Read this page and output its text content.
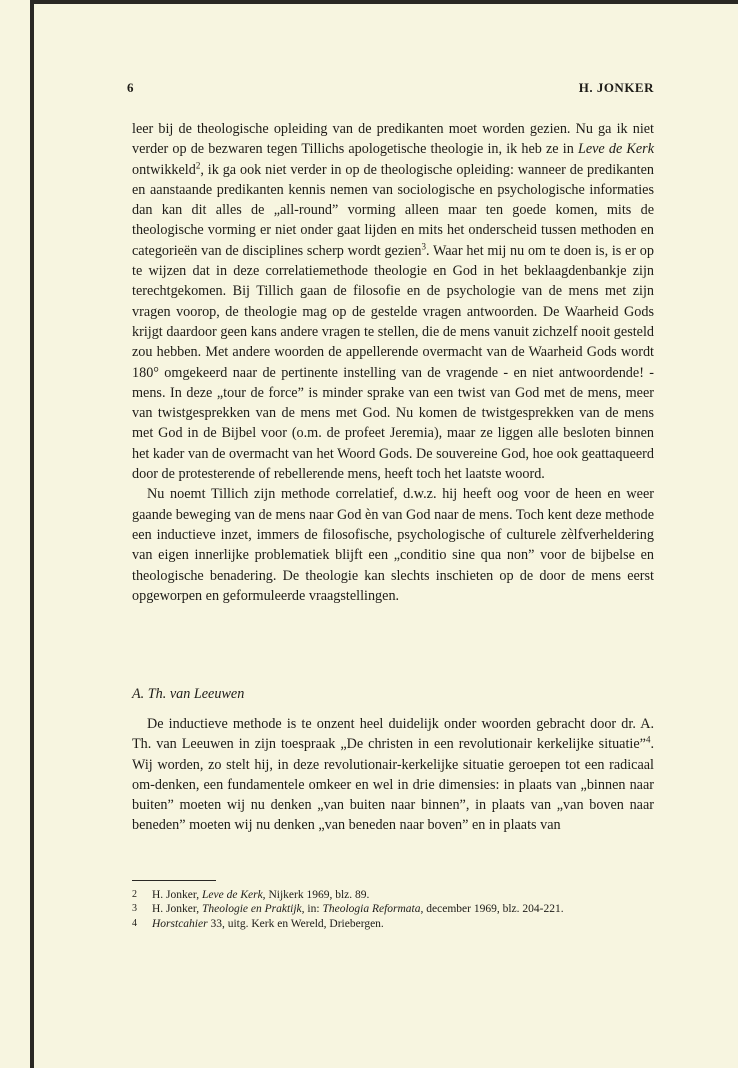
6	H. JONKER

leer bij de theologische opleiding van de predikanten moet worden gezien. Nu ga ik niet verder op de bezwaren tegen Tillichs apologetische theologie in, ik heb ze in Leve de Kerk ontwikkeld$^2$, ik ga ook niet verder in op de theologische opleiding: wanneer de predikanten en aanstaande predikanten kennis nemen van sociologische en psychologische informaties dan kan dit alles de „all-round” vorming alleen maar ten goede komen, mits de theologische vorming er niet onder gaat lijden en mits het onderscheid tussen methoden en categorieën van de disciplines scherp wordt gezien$^3$. Waar het mij nu om te doen is, is er op te wijzen dat in deze correlatiemethode theologie en God in het beklaagdenbankje zijn terechtgekomen. Bij Tillich gaan de filosofie en de psychologie van de mens met zijn vragen voorop, de theologie mag op de gestelde vragen antwoorden. De Waarheid Gods krijgt daardoor geen kans andere vragen te stellen, die de mens vanuit zichzelf nooit gesteld zou hebben. Met andere woorden de appellerende overmacht van de Waarheid Gods wordt 180° omgekeerd naar de pertinente instelling van de vragende - en niet antwoordende! - mens. In deze „tour de force” is minder sprake van een twist van God met de mens, meer van twistgesprekken van de mens met God. Nu komen de twistgesprekken van de mens met God in de Bijbel voor (o.m. de profeet Jeremia), maar ze liggen alle besloten binnen het kader van de overmacht van het Woord Gods. De souvereine God, hoe ook geattaqueerd door de protesterende of rebellerende mens, heeft toch het laatste woord.

Nu noemt Tillich zijn methode correlatief, d.w.z. hij heeft oog voor de heen en weer gaande beweging van de mens naar God èn van God naar de mens. Toch kent deze methode een inductieve inzet, immers de filosofische, psychologische of culturele zèlfverheldering van eigen innerlijke problematiek blijft een „conditio sine qua non” voor de bijbelse en theologische benadering. De theologie kan slechts inschieten op de door de mens eerst opgeworpen en geformuleerde vraagstellingen.

A. Th. van Leeuwen

De inductieve methode is te onzent heel duidelijk onder woorden gebracht door dr. A. Th. van Leeuwen in zijn toespraak „De christen in een revolutionair kerkelijke situatie”$^4$. Wij worden, zo stelt hij, in deze revolutionair-kerkelijke situatie geroepen tot een radicaal om-denken, een fundamentele omkeer en wel in drie dimensies: in plaats van „binnen naar buiten” moeten wij nu denken „van buiten naar binnen”, in plaats van „van boven naar beneden” moeten wij nu denken „van beneden naar boven” en in plaats van

2 H. Jonker, Leve de Kerk, Nijkerk 1969, blz. 89.
3 H. Jonker, Theologie en Praktijk, in: Theologia Reformata, december 1969, blz. 204-221.
4 Horstcahier 33, uitg. Kerk en Wereld, Driebergen.
